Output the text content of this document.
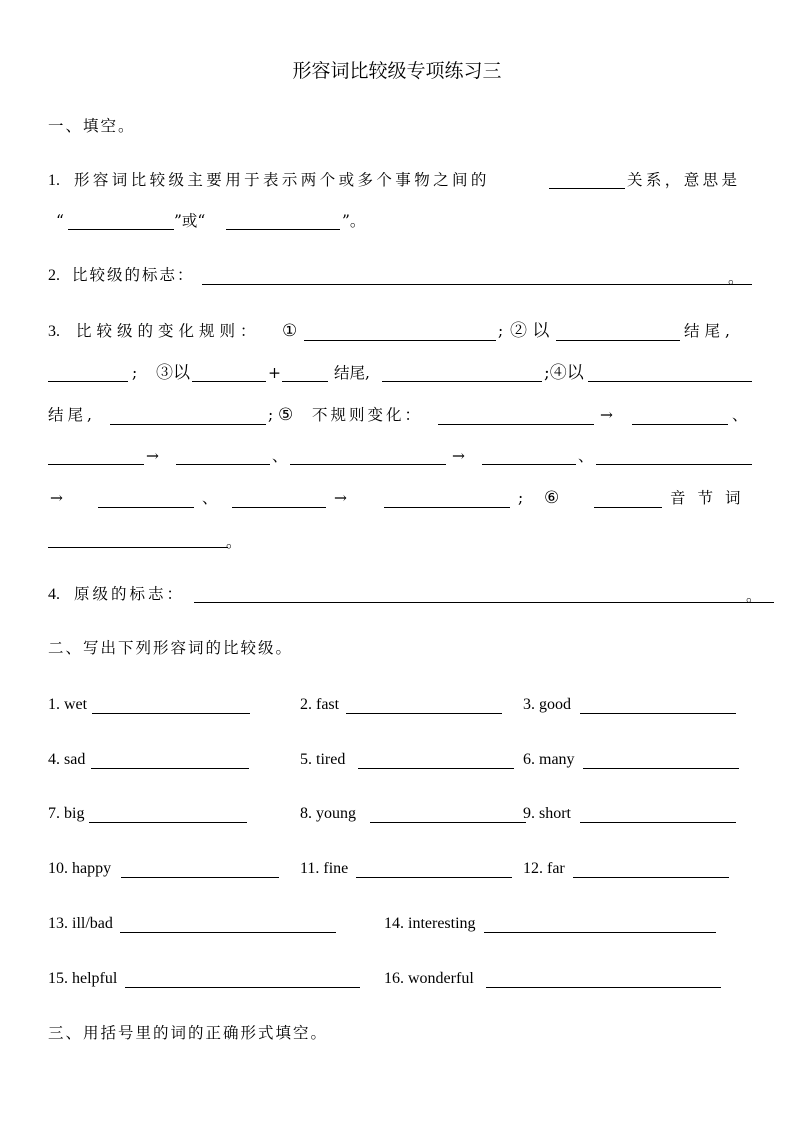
形容词比较级专项练习三
一、填空。
1. 形容词比较级主要用于表示两个或多个事物之间的	关系，意思是
“	”或“	”。
2. 比较级的标志：	。
3. 比较级的变化规则： ①	; ② 以	结尾,
; ③以	+	结尾,	;④以
结尾,	; ⑤ 不规则变化：	→	、
→	、	→	、
→	、	→	; ⑥	音节词
。
4. 原级的标志：	。
二、写出下列形容词的比较级。
1. wet	2. fast	3. good
4. sad	5. tired	6. many
7. big	8. young	9. short
10. happy	11. fine	12. far
13. ill/bad	14. interesting
15. helpful	16. wonderful
三、用括号里的词的正确形式填空。
